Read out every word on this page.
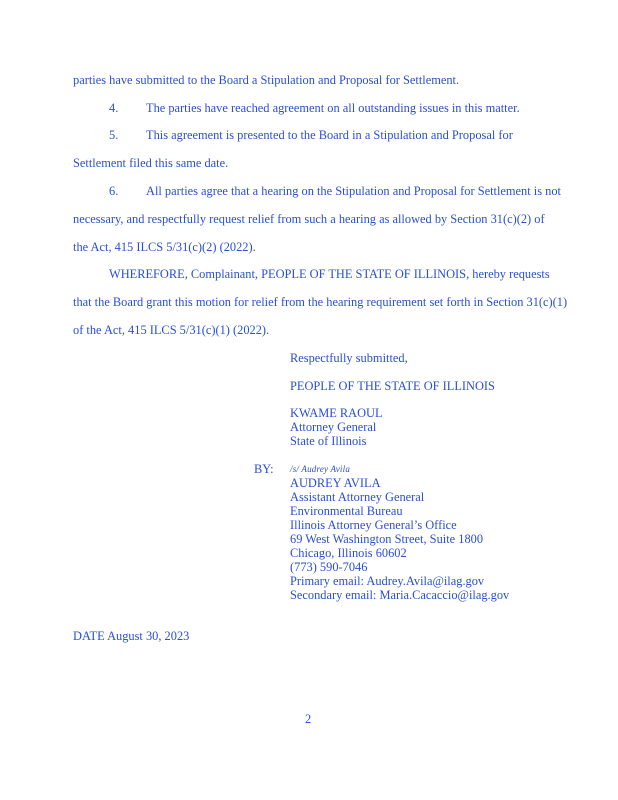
parties have submitted to the Board a Stipulation and Proposal for Settlement.
4. The parties have reached agreement on all outstanding issues in this matter.
5. This agreement is presented to the Board in a Stipulation and Proposal for
Settlement filed this same date.
6. All parties agree that a hearing on the Stipulation and Proposal for Settlement is not
necessary, and respectfully request relief from such a hearing as allowed by Section 31(c)(2) of
the Act, 415 ILCS 5/31(c)(2) (2022).
WHEREFORE, Complainant, PEOPLE OF THE STATE OF ILLINOIS, hereby requests
that the Board grant this motion for relief from the hearing requirement set forth in Section 31(c)(1)
of the Act, 415 ILCS 5/31(c)(1) (2022).
Respectfully submitted,
PEOPLE OF THE STATE OF ILLINOIS
KWAME RAOUL
Attorney General
State of Illinois
BY: /s/ Audrey Avila
AUDREY AVILA
Assistant Attorney General
Environmental Bureau
Illinois Attorney General’s Office
69 West Washington Street, Suite 1800
Chicago, Illinois 60602
(773) 590-7046
Primary email: Audrey.Avila@ilag.gov
Secondary email: Maria.Cacaccio@ilag.gov
DATE August 30, 2023
2
